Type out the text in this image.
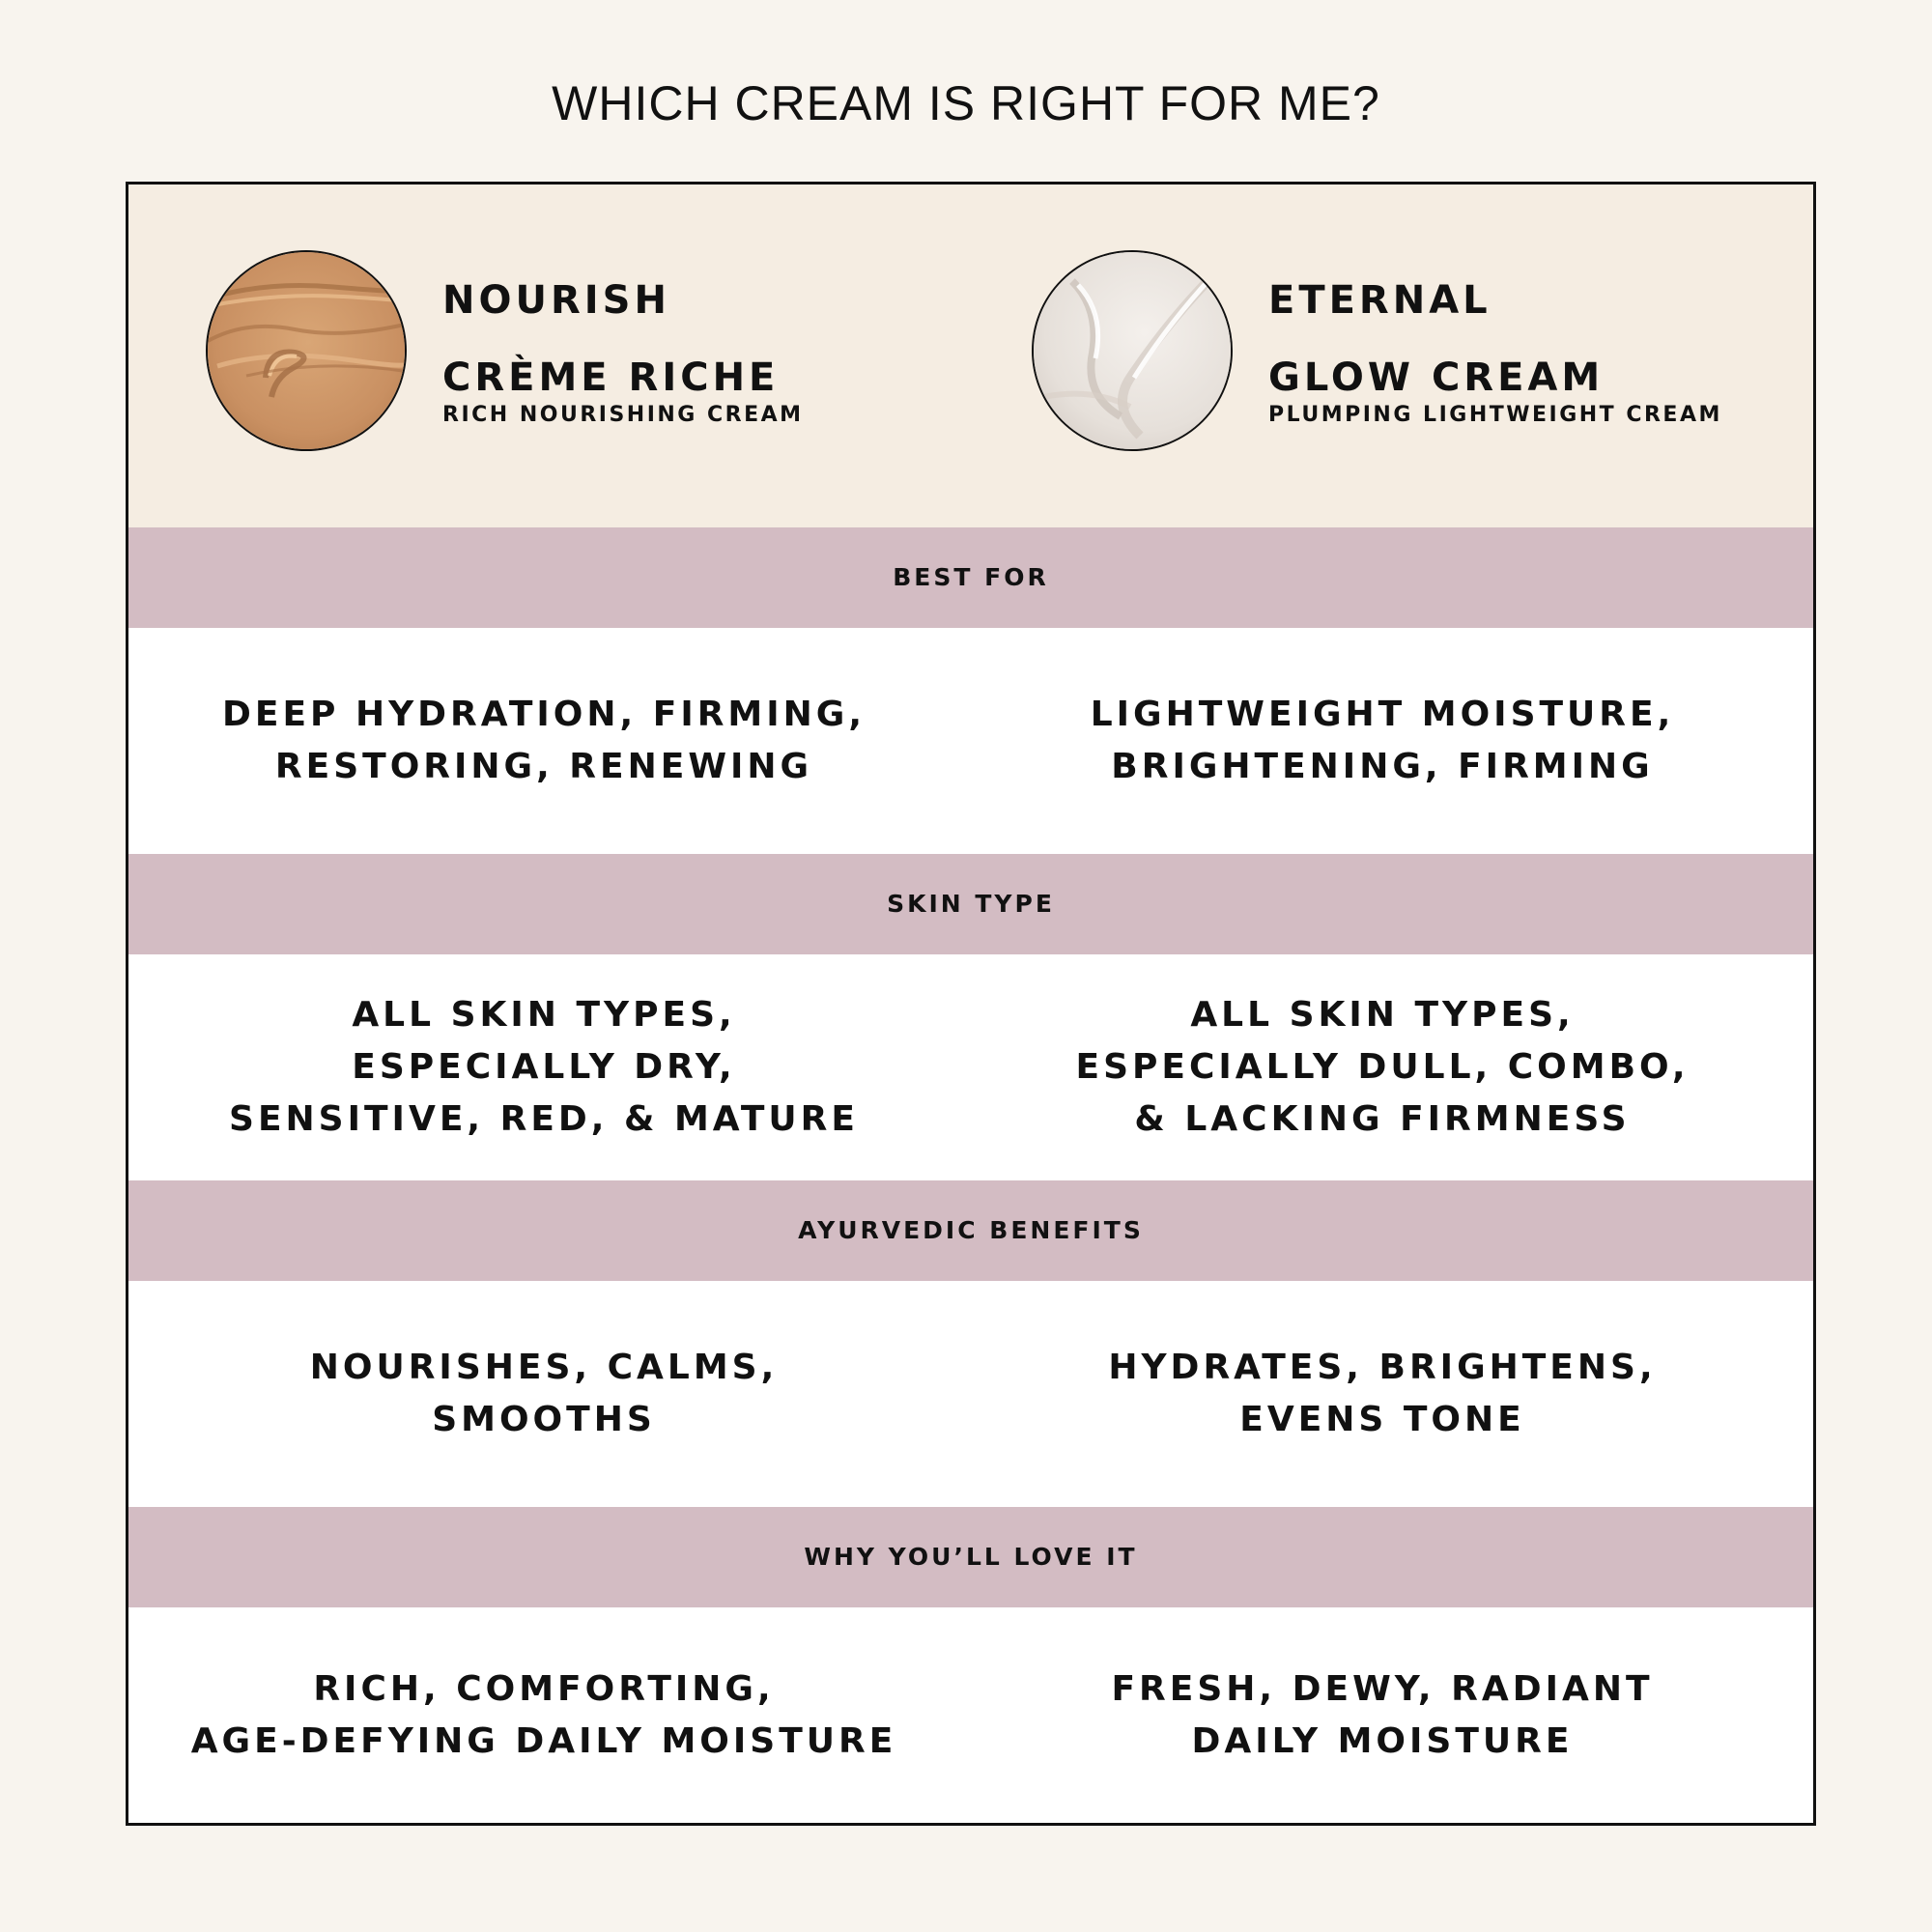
WHICH CREAM IS RIGHT FOR ME?
NOURISH
CRÈME RICHE
RICH NOURISHING CREAM
ETERNAL
GLOW CREAM
PLUMPING LIGHTWEIGHT CREAM
BEST FOR
DEEP HYDRATION, FIRMING,
RESTORING, RENEWING
LIGHTWEIGHT MOISTURE,
BRIGHTENING, FIRMING
SKIN TYPE
ALL SKIN TYPES,
ESPECIALLY DRY,
SENSITIVE, RED, & MATURE
ALL SKIN TYPES,
ESPECIALLY DULL, COMBO,
& LACKING FIRMNESS
AYURVEDIC BENEFITS
NOURISHES, CALMS,
SMOOTHS
HYDRATES, BRIGHTENS,
EVENS TONE
WHY YOU’LL LOVE IT
RICH, COMFORTING,
AGE-DEFYING DAILY MOISTURE
FRESH, DEWY, RADIANT
DAILY MOISTURE
